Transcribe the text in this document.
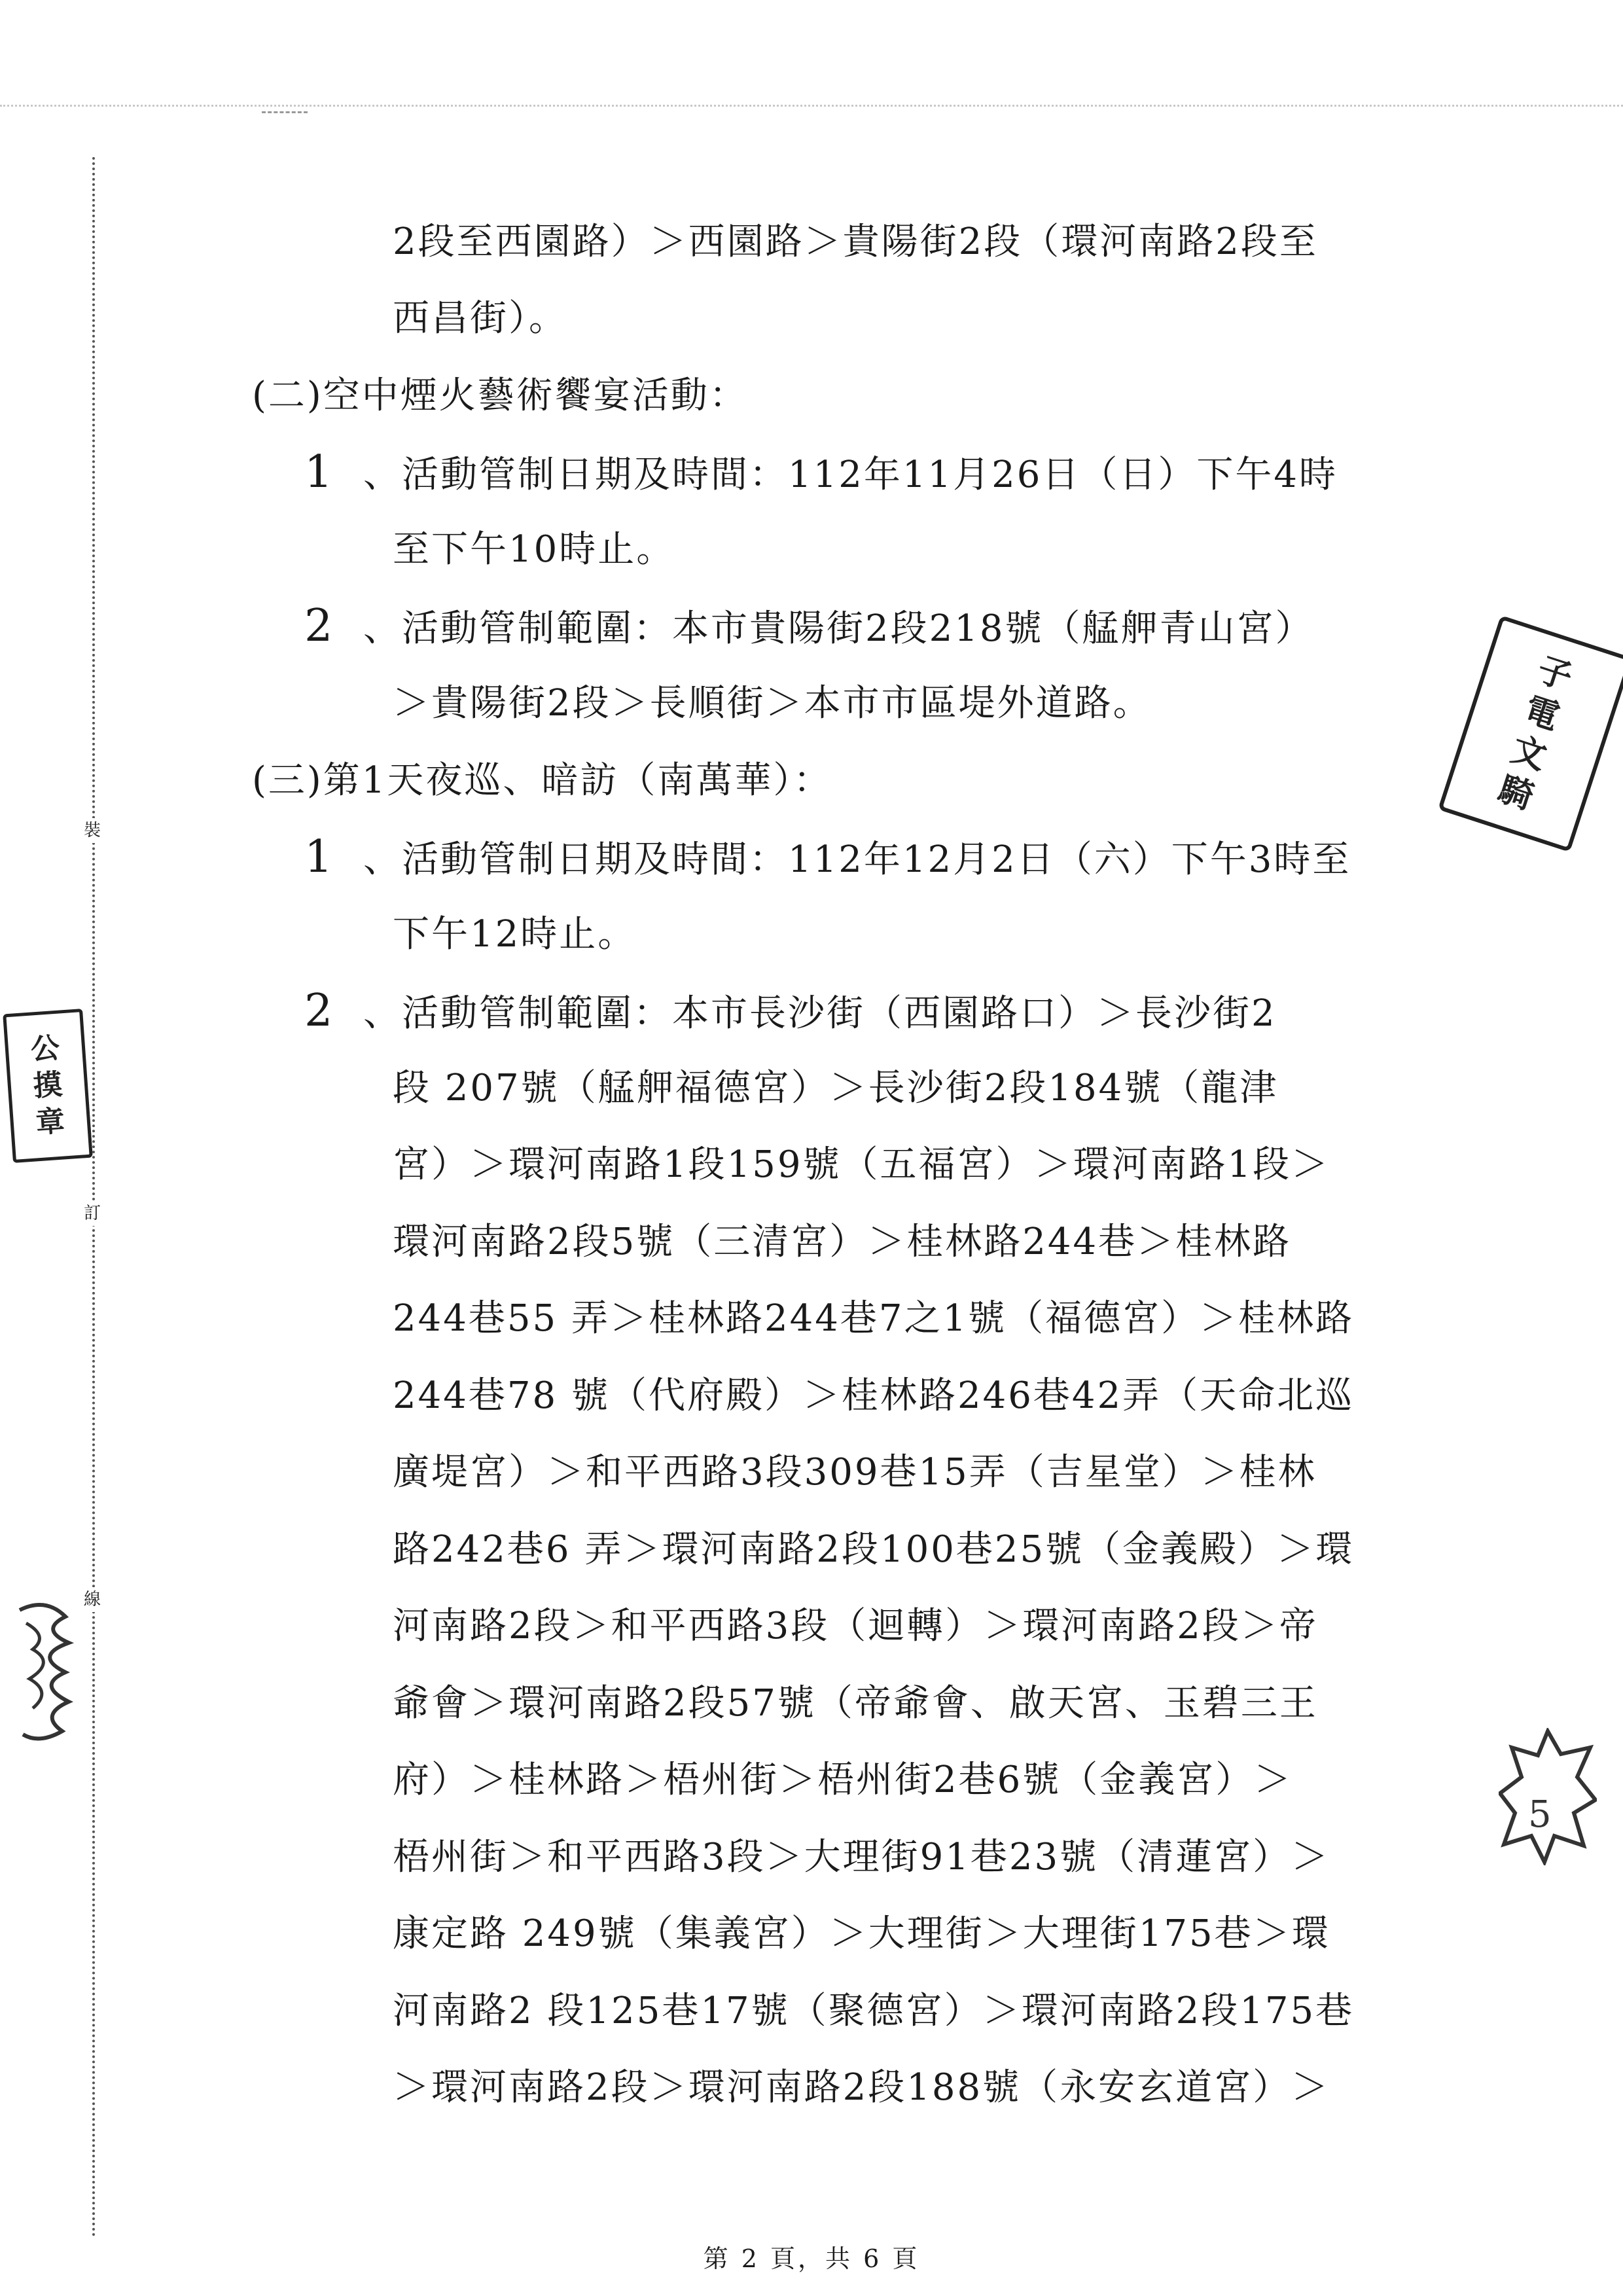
裝
訂
線
公
摸
章
子
電
文
騎
5
2段至西園路）＞西園路＞貴陽街2段（環河南路2段至
西昌街）。
(二)空中煙火藝術饗宴活動：
1 、活動管制日期及時間：112年11月26日（日）下午4時
至下午10時止。
2 、活動管制範圍：本市貴陽街2段218號（艋舺青山宮）
＞貴陽街2段＞長順街＞本市市區堤外道路。
(三)第1天夜巡、暗訪（南萬華）：
1 、活動管制日期及時間：112年12月2日（六）下午3時至
下午12時止。
2 、活動管制範圍：本市長沙街（西園路口）＞長沙街2
段 207號（艋舺福德宮）＞長沙街2段184號（龍津
宮）＞環河南路1段159號（五福宮）＞環河南路1段＞
環河南路2段5號（三清宮）＞桂林路244巷＞桂林路
244巷55 弄＞桂林路244巷7之1號（福德宮）＞桂林路
244巷78 號（代府殿）＞桂林路246巷42弄（天命北巡
廣堤宮）＞和平西路3段309巷15弄（吉星堂）＞桂林
路242巷6 弄＞環河南路2段100巷25號（金義殿）＞環
河南路2段＞和平西路3段（迴轉）＞環河南路2段＞帝
爺會＞環河南路2段57號（帝爺會、啟天宮、玉碧三王
府）＞桂林路＞梧州街＞梧州街2巷6號（金義宮）＞
梧州街＞和平西路3段＞大理街91巷23號（清蓮宮）＞
康定路 249號（集義宮）＞大理街＞大理街175巷＞環
河南路2 段125巷17號（聚德宮）＞環河南路2段175巷
＞環河南路2段＞環河南路2段188號（永安玄道宮）＞
第 2 頁，共 6 頁
